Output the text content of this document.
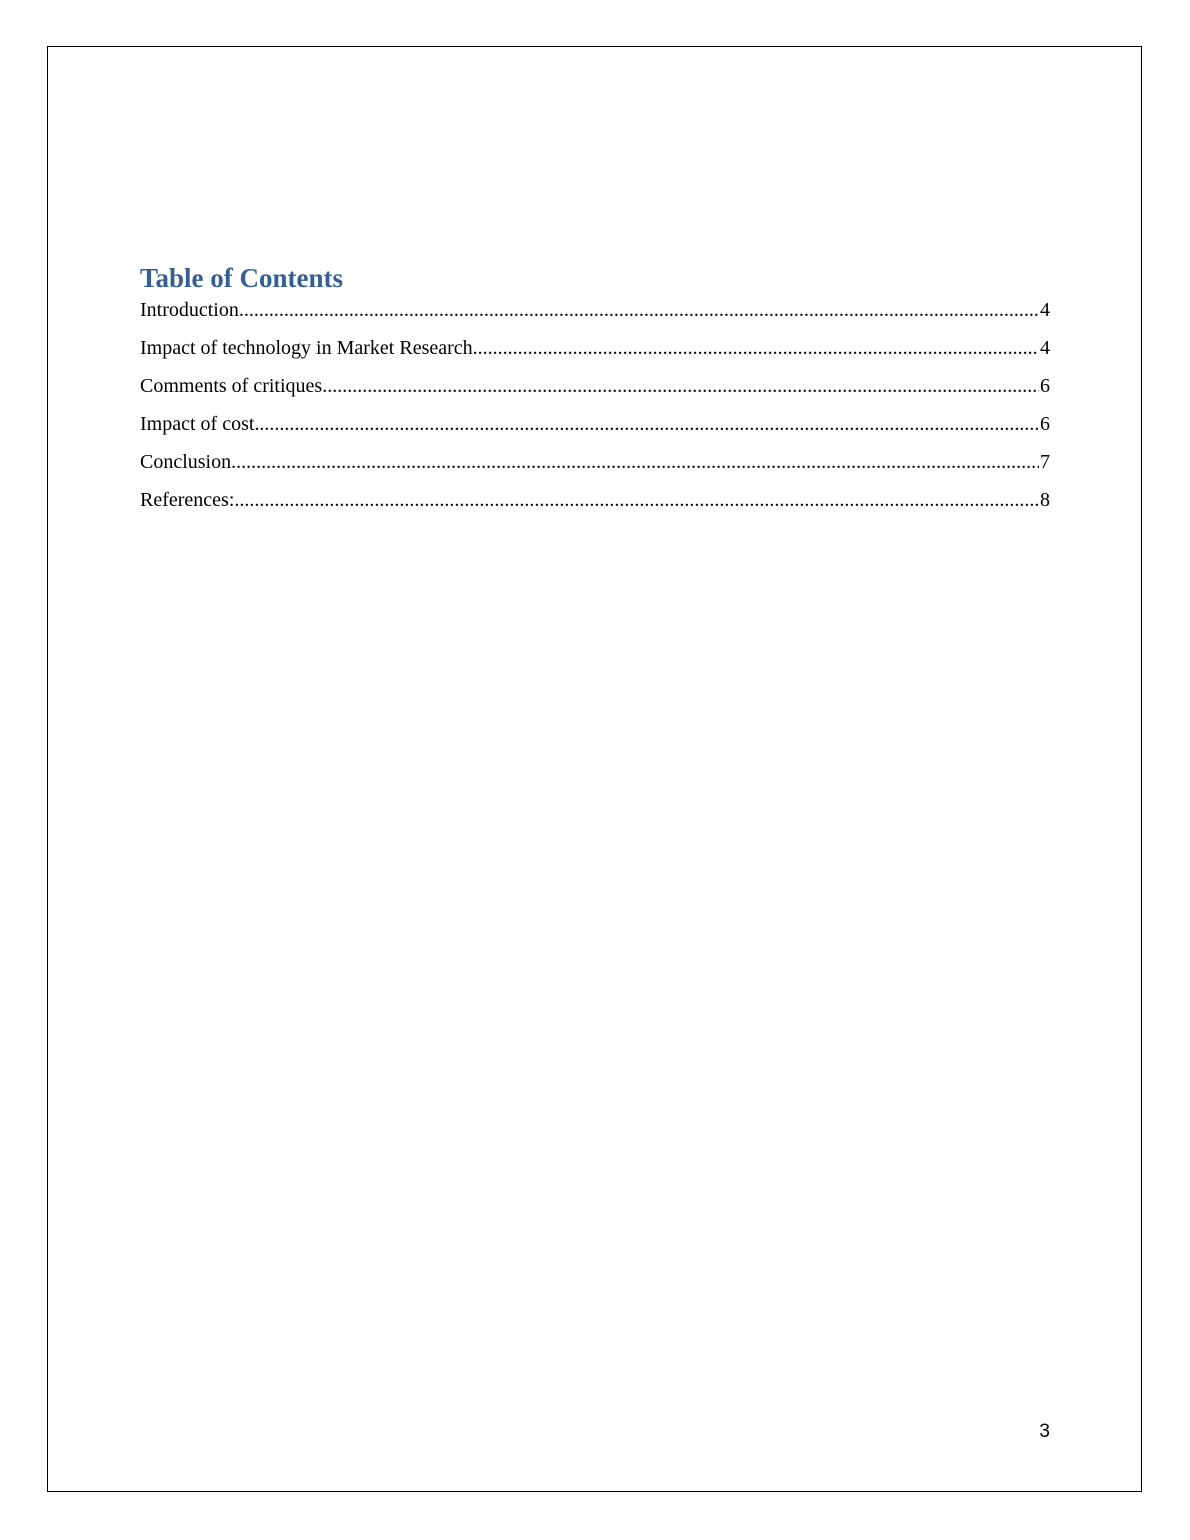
Table of Contents
Introduction .....	4
Impact of technology in Market Research .....	4
Comments of critiques .....	6
Impact of cost .....	6
Conclusion .....	7
References: .....	8
3
